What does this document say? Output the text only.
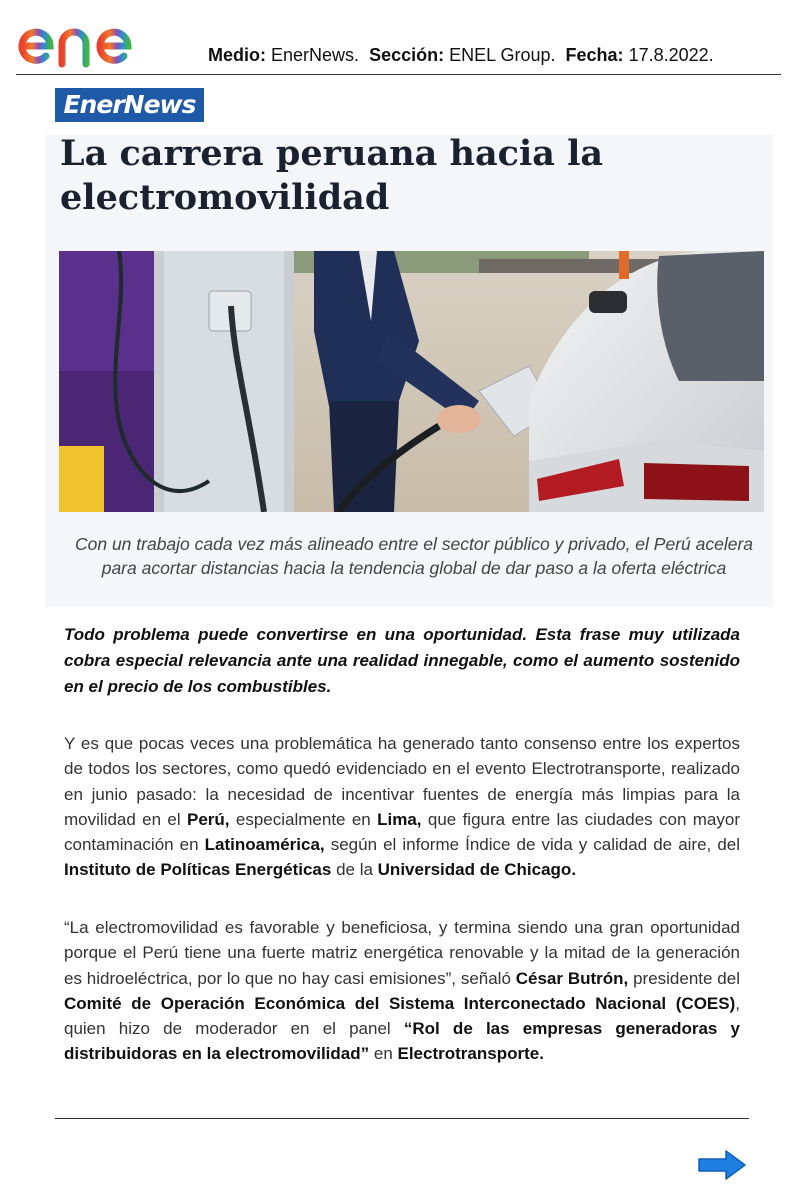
Medio: EnerNews. Sección: ENEL Group. Fecha: 17.8.2022.
EnerNews
La carrera peruana hacia la
electromovilidad
Con un trabajo cada vez más alineado entre el sector público y privado, el Perú acelera para acortar distancias hacia la tendencia global de dar paso a la oferta eléctrica

Todo problema puede convertirse en una oportunidad. Esta frase muy utilizada cobra especial relevancia ante una realidad innegable, como el aumento sostenido en el precio de los combustibles.

Y es que pocas veces una problemática ha generado tanto consenso entre los expertos de todos los sectores, como quedó evidenciado en el evento Electrotransporte, realizado en junio pasado: la necesidad de incentivar fuentes de energía más limpias para la movilidad en el Perú, especialmente en Lima, que figura entre las ciudades con mayor contaminación en Latinoamérica, según el informe Índice de vida y calidad de aire, del Instituto de Políticas Energéticas de la Universidad de Chicago.

“La electromovilidad es favorable y beneficiosa, y termina siendo una gran oportunidad porque el Perú tiene una fuerte matriz energética renovable y la mitad de la generación es hidroeléctrica, por lo que no hay casi emisiones”, señaló César Butrón, presidente del Comité de Operación Económica del Sistema Interconectado Nacional (COES), quien hizo de moderador en el panel “Rol de las empresas generadoras y distribuidoras en la electromovilidad” en Electrotransporte.
